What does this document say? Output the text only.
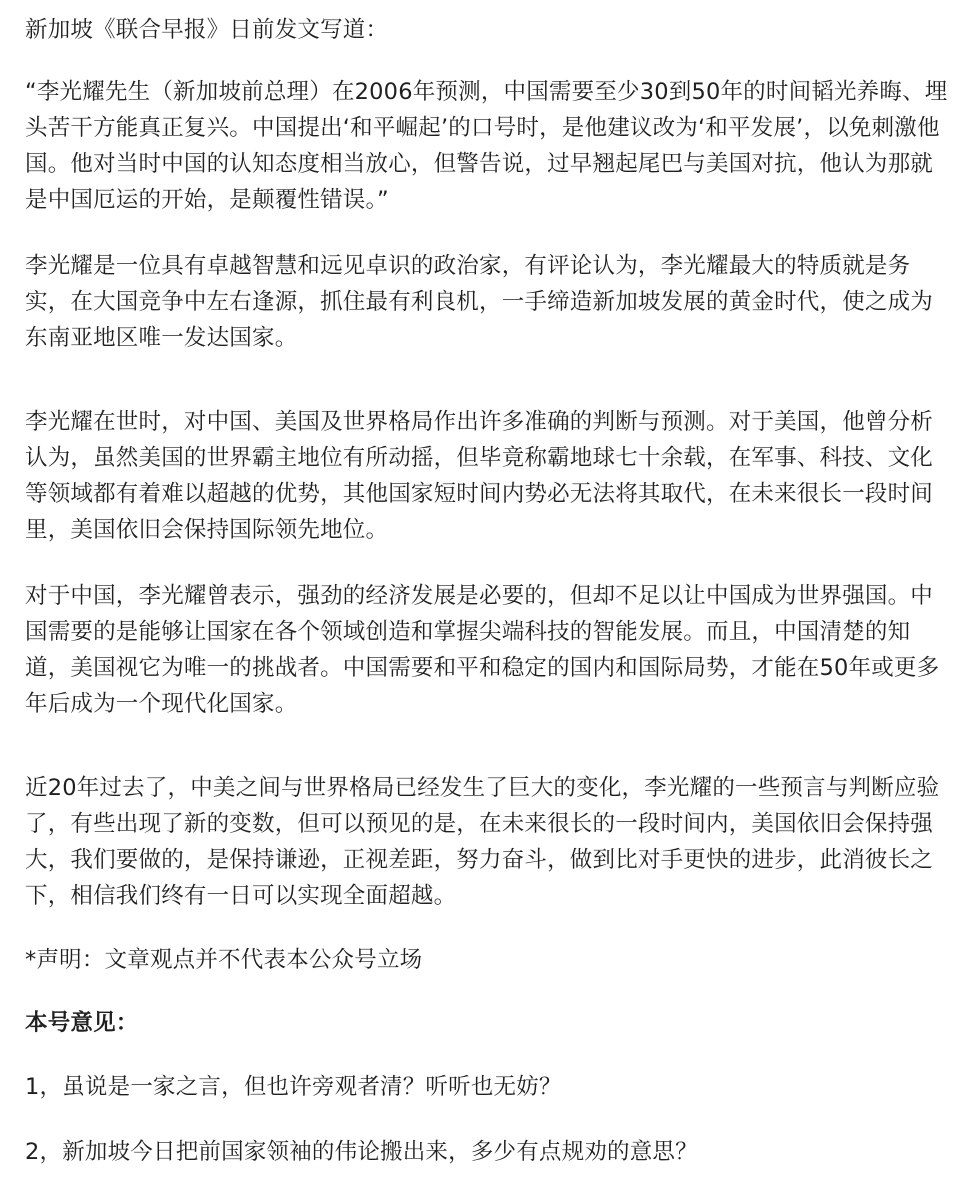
新加坡《联合早报》日前发文写道：

“李光耀先生（新加坡前总理）在2006年预测，中国需要至少30到50年的时间韬光养晦、埋头苦干方能真正复兴。中国提出‘和平崛起’的口号时，是他建议改为‘和平发展’，以免刺激他国。他对当时中国的认知态度相当放心，但警告说，过早翘起尾巴与美国对抗，他认为那就是中国厄运的开始，是颠覆性错误。”

李光耀是一位具有卓越智慧和远见卓识的政治家，有评论认为，李光耀最大的特质就是务实，在大国竞争中左右逢源，抓住最有利良机，一手缔造新加坡发展的黄金时代，使之成为东南亚地区唯一发达国家。

李光耀在世时，对中国、美国及世界格局作出许多准确的判断与预测。对于美国，他曾分析认为，虽然美国的世界霸主地位有所动摇，但毕竟称霸地球七十余载，在军事、科技、文化等领域都有着难以超越的优势，其他国家短时间内势必无法将其取代，在未来很长一段时间里，美国依旧会保持国际领先地位。

对于中国，李光耀曾表示，强劲的经济发展是必要的，但却不足以让中国成为世界强国。中国需要的是能够让国家在各个领域创造和掌握尖端科技的智能发展。而且，中国清楚的知道，美国视它为唯一的挑战者。中国需要和平和稳定的国内和国际局势，才能在50年或更多年后成为一个现代化国家。

近20年过去了，中美之间与世界格局已经发生了巨大的变化，李光耀的一些预言与判断应验了，有些出现了新的变数，但可以预见的是，在未来很长的一段时间内，美国依旧会保持强大，我们要做的，是保持谦逊，正视差距，努力奋斗，做到比对手更快的进步，此消彼长之下，相信我们终有一日可以实现全面超越。

*声明：文章观点并不代表本公众号立场

本号意见：

1，虽说是一家之言，但也许旁观者清？听听也无妨？

2，新加坡今日把前国家领袖的伟论搬出来，多少有点规劝的意思？
